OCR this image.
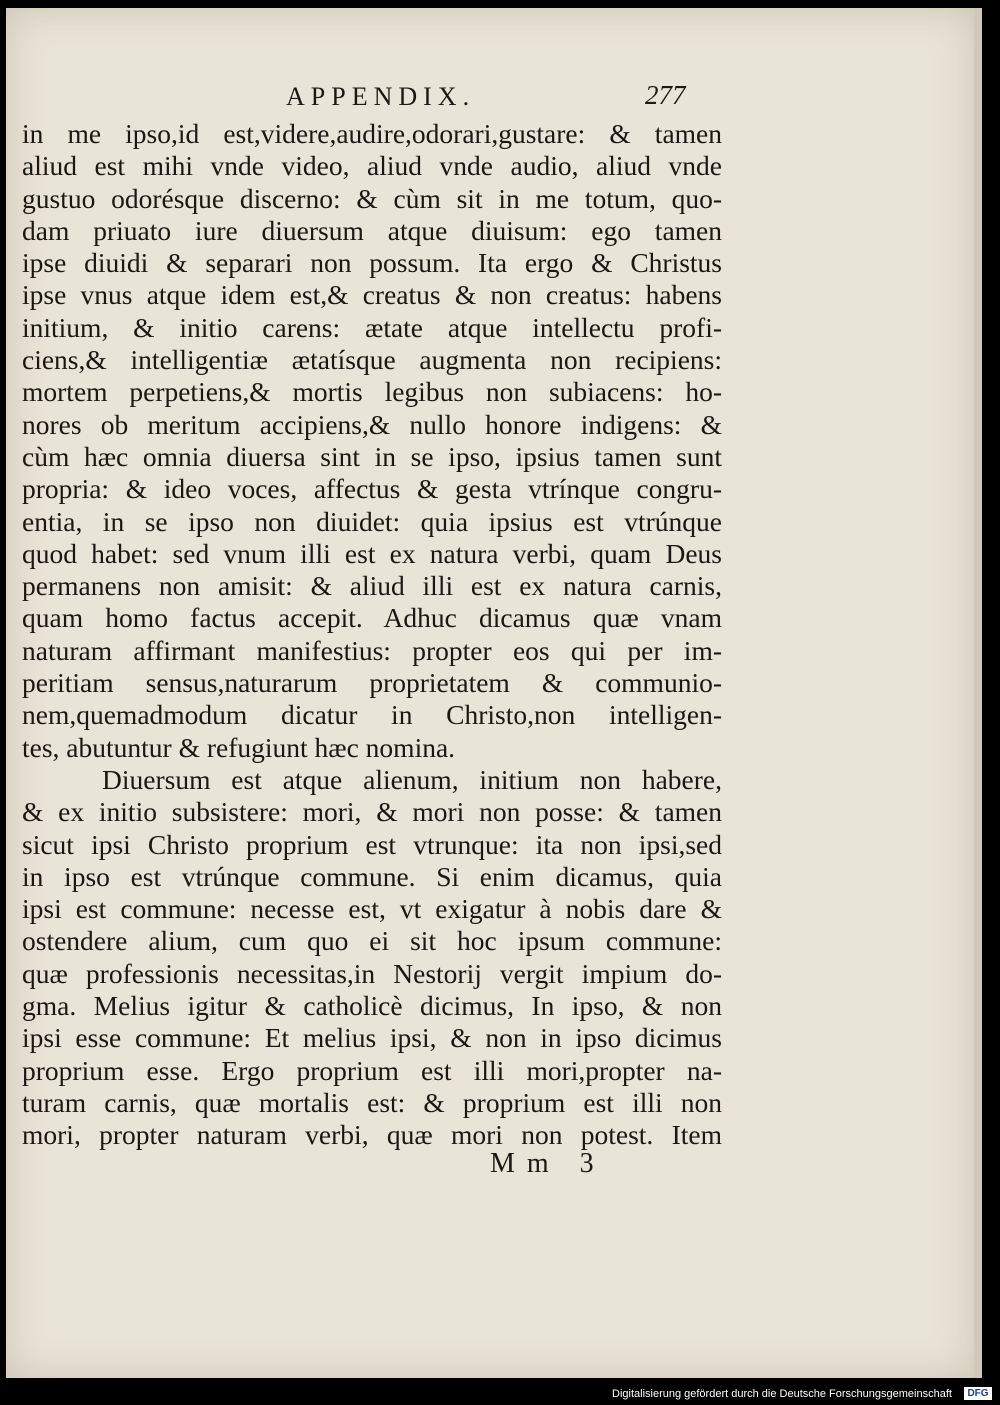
APPENDIX.	277
in me ipso,id est,videre,audire,odorari,gustare: & tamen
aliud est mihi vnde video, aliud vnde audio, aliud vnde
gustuo odorésque discerno: & cùm sit in me totum, quo-
dam priuato iure diuersum atque diuisum: ego tamen
ipse diuidi & separari non possum. Ita ergo & Christus
ipse vnus atque idem est,& creatus & non creatus: habens
initium, & initio carens: ætate atque intellectu profi-
ciens,& intelligentiæ ætatísque augmenta non recipiens:
mortem perpetiens,& mortis legibus non subiacens: ho-
nores ob meritum accipiens,& nullo honore indigens: &
cùm hæc omnia diuersa sint in se ipso, ipsius tamen sunt
propria: & ideo voces, affectus & gesta vtrínque congru-
entia, in se ipso non diuidet: quia ipsius est vtrúnque
quod habet: sed vnum illi est ex natura verbi, quam Deus
permanens non amisit: & aliud illi est ex natura carnis,
quam homo factus accepit. Adhuc dicamus quæ vnam
naturam affirmant manifestius: propter eos qui per im-
peritiam sensus,naturarum proprietatem & communio-
nem,quemadmodum dicatur in Christo,non intelligen-
tes, abutuntur & refugiunt hæc nomina.
Diuersum est atque alienum, initium non habere,
& ex initio subsistere: mori, & mori non posse: & tamen
sicut ipsi Christo proprium est vtrunque: ita non ipsi,sed
in ipso est vtrúnque commune. Si enim dicamus, quia
ipsi est commune: necesse est, vt exigatur à nobis dare &
ostendere alium, cum quo ei sit hoc ipsum commune:
quæ professionis necessitas,in Nestorij vergit impium do-
gma. Melius igitur & catholicè dicimus, In ipso, & non
ipsi esse commune: Et melius ipsi, & non in ipso dicimus
proprium esse. Ergo proprium est illi mori,propter na-
turam carnis, quæ mortalis est: & proprium est illi non
mori, propter naturam verbi, quæ mori non potest. Item
Mm 3
Digitalisierung gefördert durch die Deutsche Forschungsgemeinschaft	DFG
